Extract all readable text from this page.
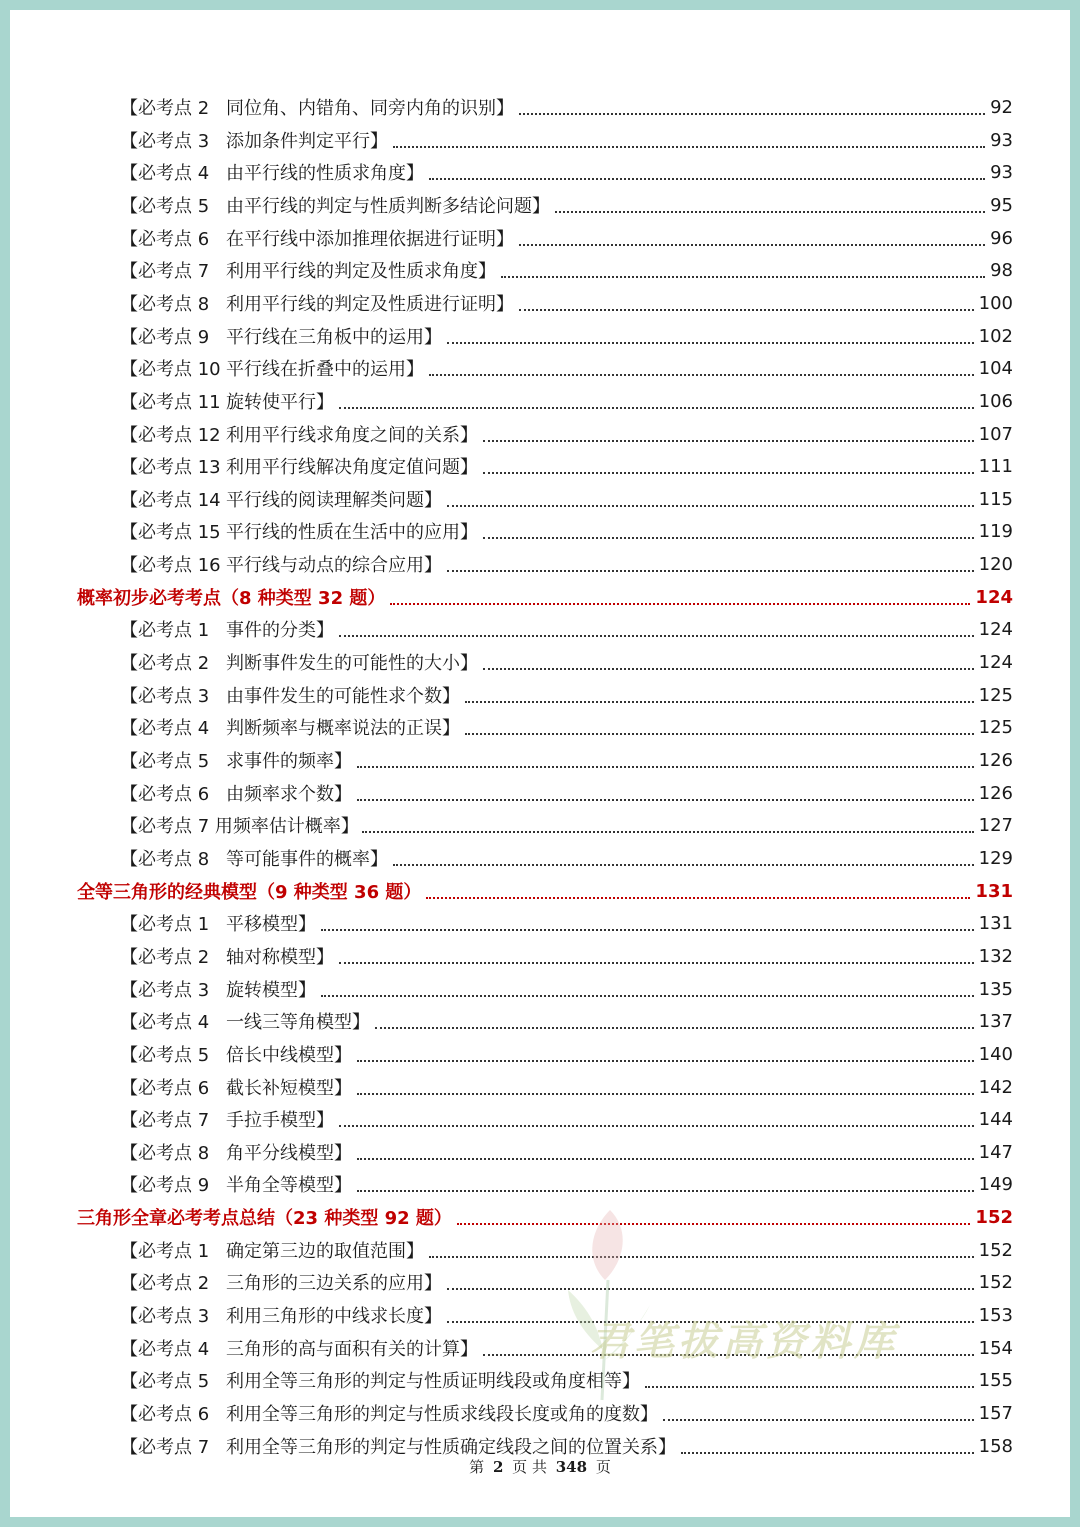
【必考点 2 同位角、内错角、同旁内角的识别】	92
【必考点 3 添加条件判定平行】	93
【必考点 4 由平行线的性质求角度】	93
【必考点 5 由平行线的判定与性质判断多结论问题】	95
【必考点 6 在平行线中添加推理依据进行证明】	96
【必考点 7 利用平行线的判定及性质求角度】	98
【必考点 8 利用平行线的判定及性质进行证明】	100
【必考点 9 平行线在三角板中的运用】	102
【必考点 10 平行线在折叠中的运用】	104
【必考点 11 旋转使平行】	106
【必考点 12 利用平行线求角度之间的关系】	107
【必考点 13 利用平行线解决角度定值问题】	111
【必考点 14 平行线的阅读理解类问题】	115
【必考点 15 平行线的性质在生活中的应用】	119
【必考点 16 平行线与动点的综合应用】	120
概率初步必考考点（8 种类型 32 题）	124
【必考点 1 事件的分类】	124
【必考点 2 判断事件发生的可能性的大小】	124
【必考点 3 由事件发生的可能性求个数】	125
【必考点 4 判断频率与概率说法的正误】	125
【必考点 5 求事件的频率】	126
【必考点 6 由频率求个数】	126
【必考点 7 用频率估计概率】	127
【必考点 8 等可能事件的概率】	129
全等三角形的经典模型（9 种类型 36 题）	131
【必考点 1 平移模型】	131
【必考点 2 轴对称模型】	132
【必考点 3 旋转模型】	135
【必考点 4 一线三等角模型】	137
【必考点 5 倍长中线模型】	140
【必考点 6 截长补短模型】	142
【必考点 7 手拉手模型】	144
【必考点 8 角平分线模型】	147
【必考点 9 半角全等模型】	149
三角形全章必考考点总结（23 种类型 92 题）	152
【必考点 1 确定第三边的取值范围】	152
【必考点 2 三角形的三边关系的应用】	152
【必考点 3 利用三角形的中线求长度】	153
【必考点 4 三角形的高与面积有关的计算】	154
【必考点 5 利用全等三角形的判定与性质证明线段或角度相等】	155
【必考点 6 利用全等三角形的判定与性质求线段长度或角的度数】	157
【必考点 7 利用全等三角形的判定与性质确定线段之间的位置关系】	158
君笔拔高资料库
第 2 页 共 348 页
